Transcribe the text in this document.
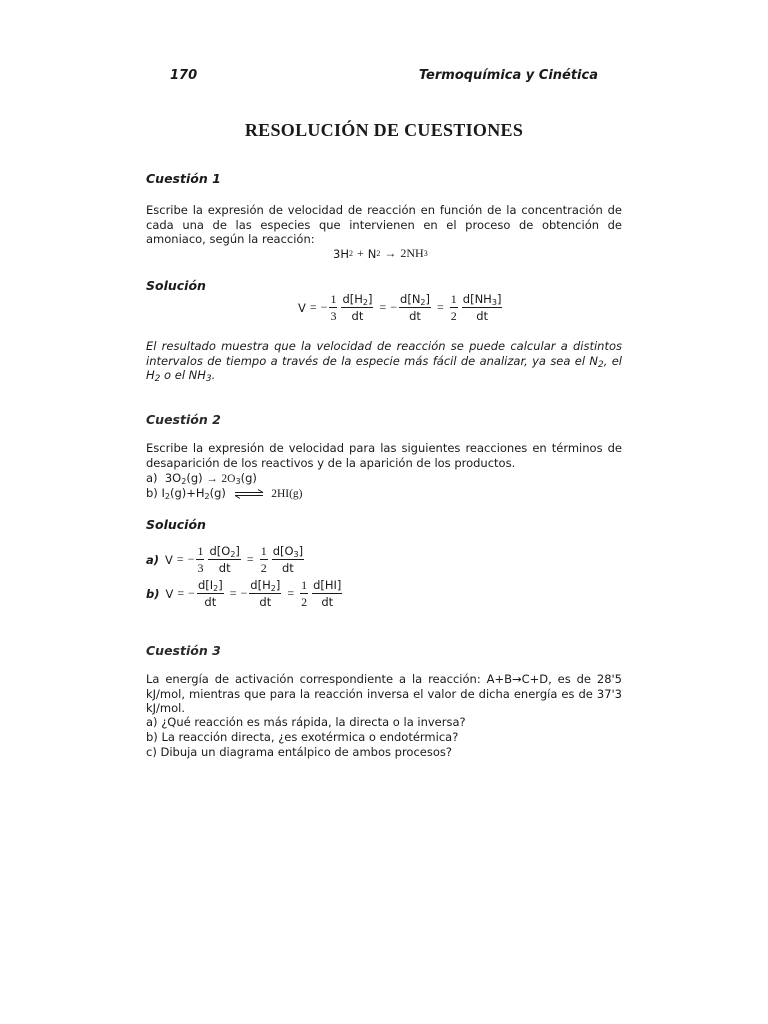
170	Termoquímica y Cinética
RESOLUCIÓN DE CUESTIONES
Cuestión 1
Escribe la expresión de velocidad de reacción en función de la concentración de cada una de las especies que intervienen en el proceso de obtención de amoniaco, según la reacción:
3H 2 + N 2 → 2NH 3
Solución
V = − $\frac{1}{3} \frac{d[H_2]}{dt}$ = − $\frac{d[N_2]}{dt} = \frac{1}{2} \frac{d[NH_3]}{dt}$
El resultado muestra que la velocidad de reacción se puede calcular a distintos intervalos de tiempo a través de la especie más fácil de analizar, ya sea el $N_2$, el $H_2$ o el $NH_3$.
Cuestión 2
Escribe la expresión de velocidad para las siguientes reacciones en términos de desaparición de los reactivos y de la aparición de los productos.
a) $3O_2(g) \to 2O_3(g)$
b) $I_2(g)+H_2(g)$ ⇌ 2HI(g)
Solución
a) V = − $\frac{1}{3} \frac{d[O_2]}{dt} = \frac{1}{2} \frac{d[O_3]}{dt}$
b) V = − $\frac{d[I_2]}{dt}$ = − $\frac{d[H_2]}{dt} = \frac{1}{2} \frac{d[HI]}{dt}$
Cuestión 3
La energía de activación correspondiente a la reacción: A+B→C+D, es de 28'5 kJ/mol, mientras que para la reacción inversa el valor de dicha energía es de 37'3 kJ/mol.
a) ¿Qué reacción es más rápida, la directa o la inversa?
b) La reacción directa, ¿es exotérmica o endotérmica?
c) Dibuja un diagrama entálpico de ambos procesos?
